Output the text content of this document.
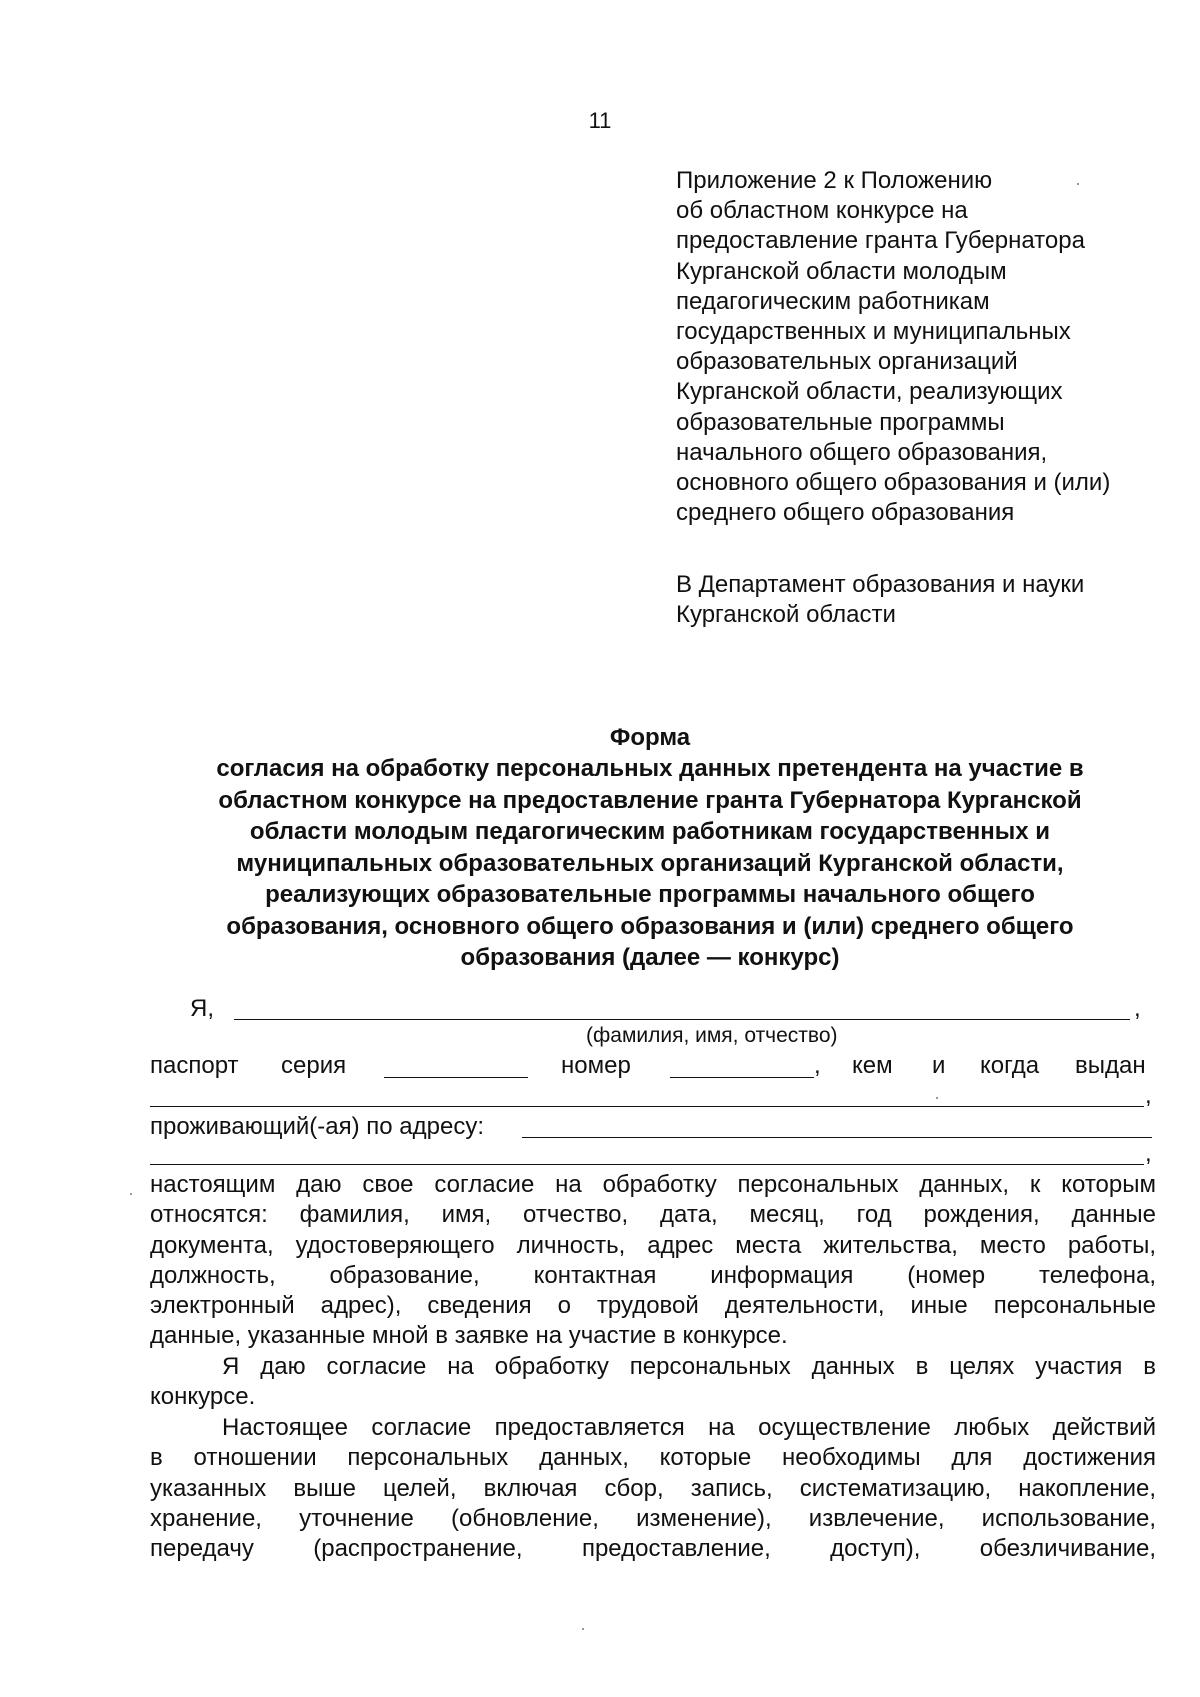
11
Приложение 2 к Положению
об областном конкурсе на
предоставление гранта Губернатора
Курганской области молодым
педагогическим работникам
государственных и муниципальных
образовательных организаций
Курганской области, реализующих
образовательные программы
начального общего образования,
основного общего образования и (или)
среднего общего образования
В Департамент образования и науки
Курганской области
Форма
согласия на обработку персональных данных претендента на участие в
областном конкурсе на предоставление гранта Губернатора Курганской
области молодым педагогическим работникам государственных и
муниципальных образовательных организаций Курганской области,
реализующих образовательные программы начального общего
образования, основного общего образования и (или) среднего общего
образования (далее — конкурс)
Я,	,
(фамилия, имя, отчество)
паспорт серия	номер	, кем и когда выдан
,
проживающий(-ая) по адресу:
,
настоящим даю свое согласие на обработку персональных данных, к которым
относятся: фамилия, имя, отчество, дата, месяц, год рождения, данные
документа, удостоверяющего личность, адрес места жительства, место работы,
должность, образование, контактная информация (номер телефона,
электронный адрес), сведения о трудовой деятельности, иные персональные
данные, указанные мной в заявке на участие в конкурсе.
Я даю согласие на обработку персональных данных в целях участия в
конкурсе.
Настоящее согласие предоставляется на осуществление любых действий
в отношении персональных данных, которые необходимы для достижения
указанных выше целей, включая сбор, запись, систематизацию, накопление,
хранение, уточнение (обновление, изменение), извлечение, использование,
передачу (распространение, предоставление, доступ), обезличивание,
